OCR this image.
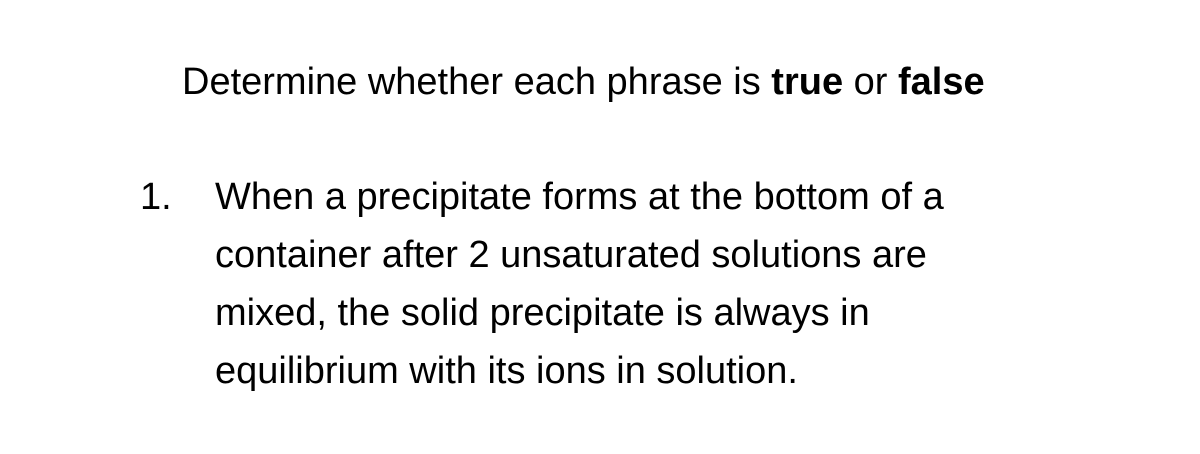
Determine whether each phrase is true or false
1. When a precipitate forms at the bottom of a
container after 2 unsaturated solutions are
mixed, the solid precipitate is always in
equilibrium with its ions in solution.
